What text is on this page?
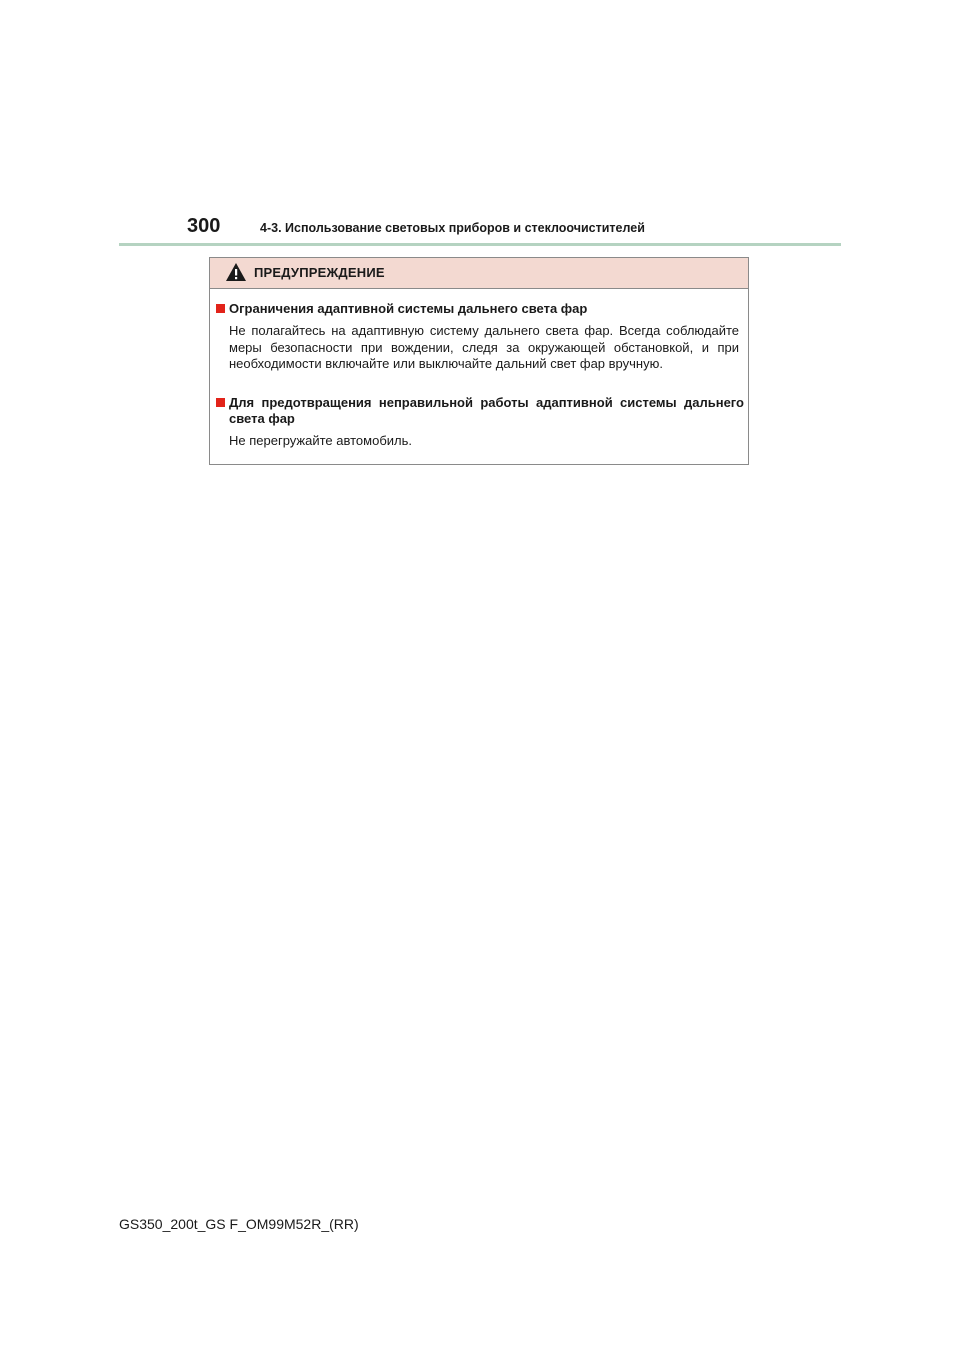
300	4-3. Использование световых приборов и стеклоочистителей
ПРЕДУПРЕЖДЕНИЕ
Ограничения адаптивной системы дальнего света фар
Не полагайтесь на адаптивную систему дальнего света фар. Всегда соблюдайте меры безопасности при вождении, следя за окружающей обстановкой, и при необходимости включайте или выключайте дальний свет фар вручную.
Для предотвращения неправильной работы адаптивной системы дальнего света фар
Не перегружайте автомобиль.
GS350_200t_GS F_OM99M52R_(RR)
